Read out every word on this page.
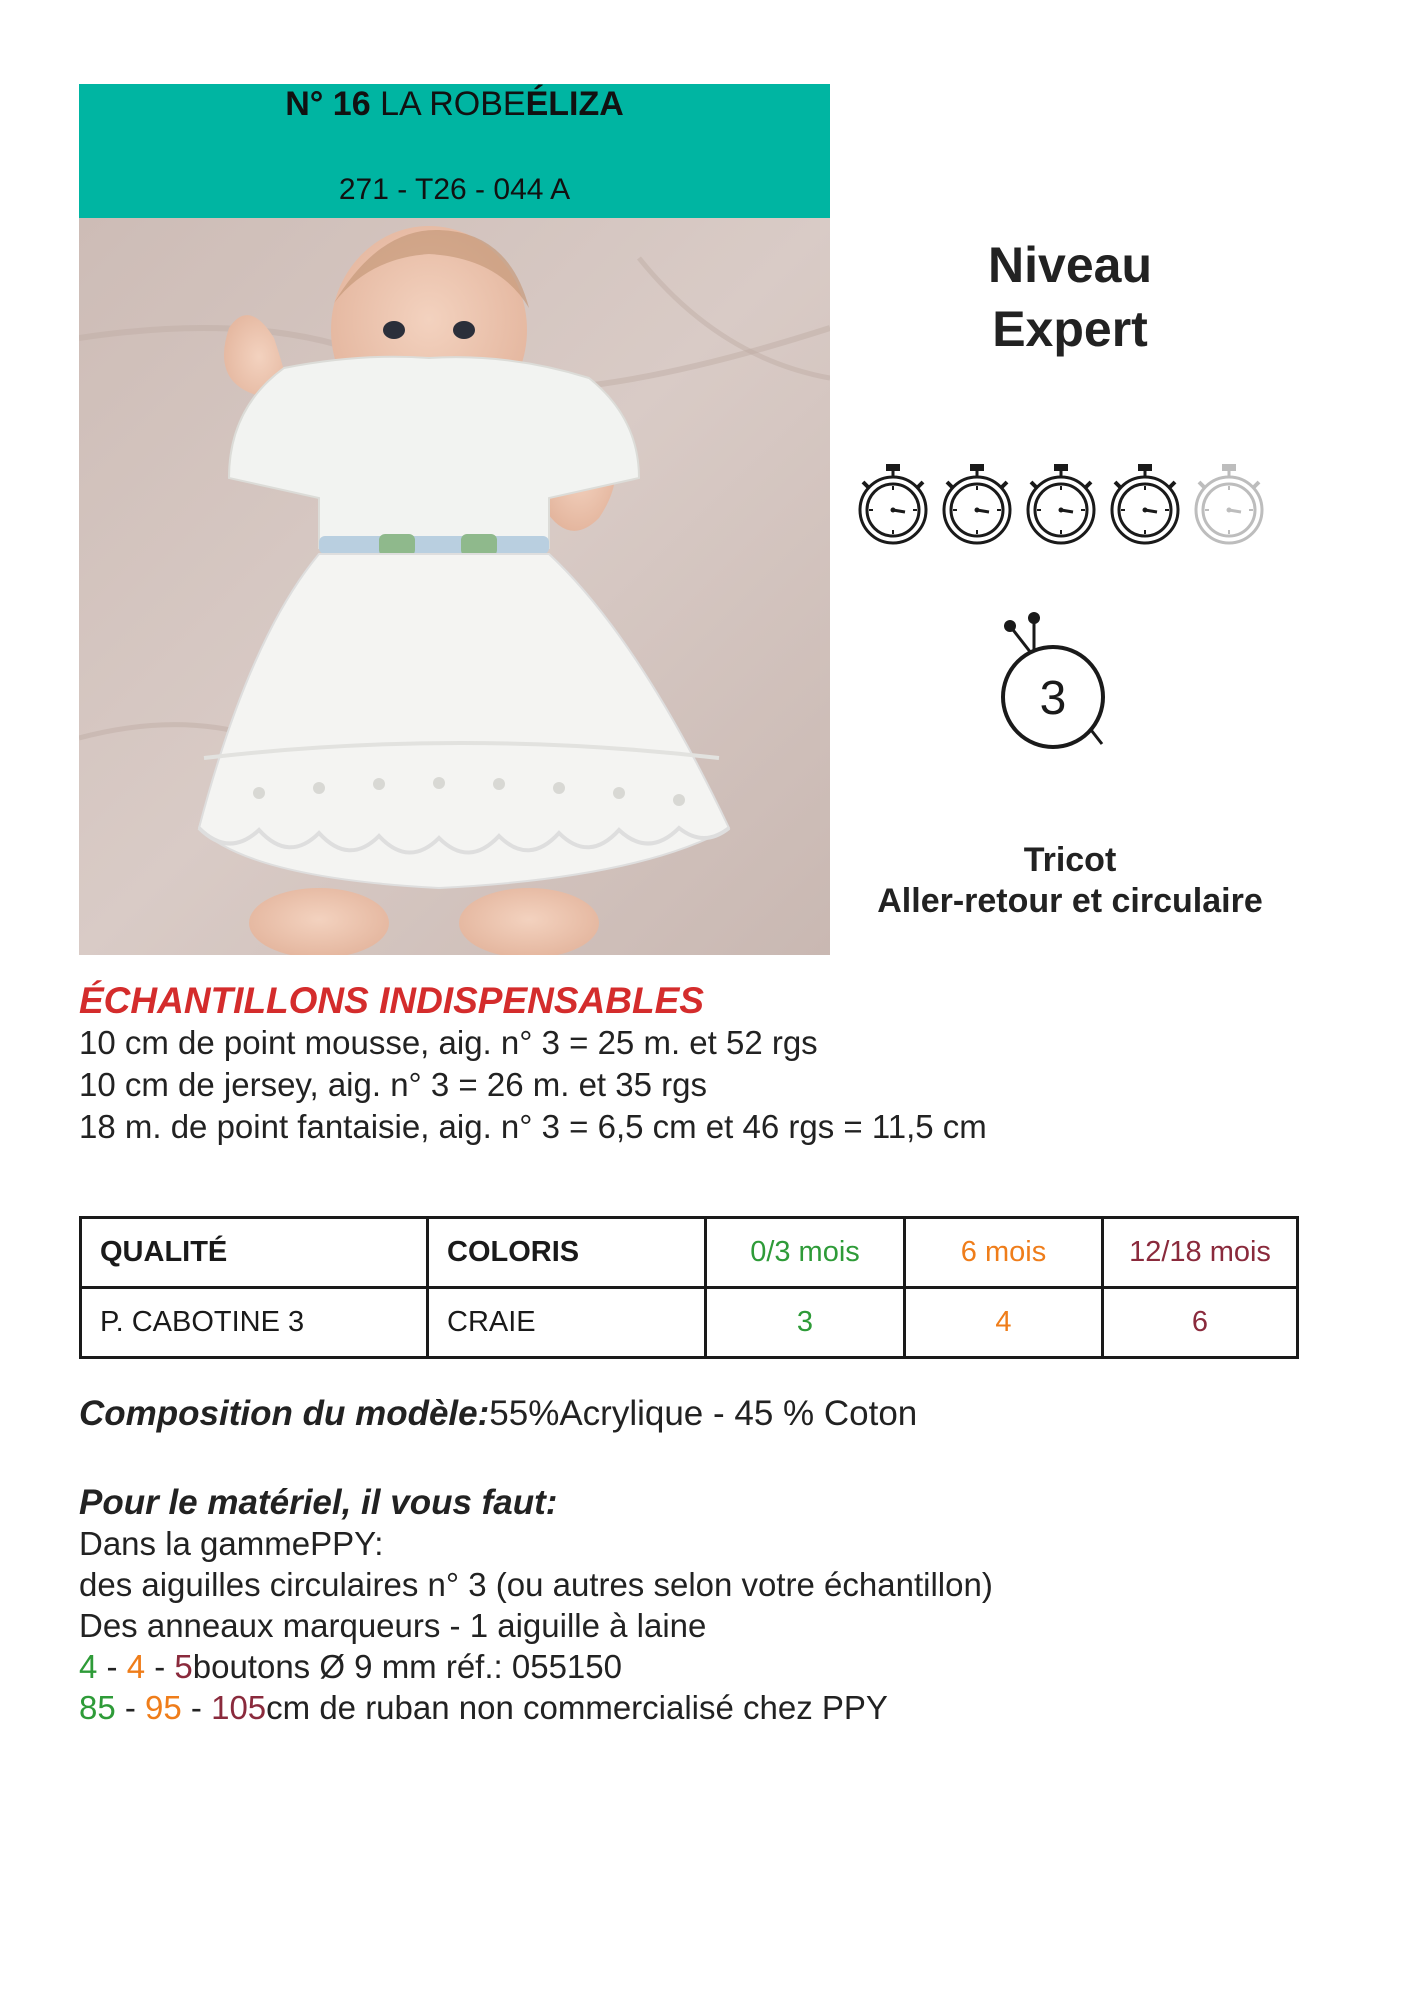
N° 16 LA ROBEÉLIZA
271 - T26 - 044 A
Niveau
Expert
3
Tricot
Aller-retour et circulaire
ÉCHANTILLONS INDISPENSABLES
10 cm de point mousse, aig. n° 3 = 25 m. et 52 rgs
10 cm de jersey, aig. n° 3 = 26 m. et 35 rgs
18 m. de point fantaisie, aig. n° 3 = 6,5 cm et 46 rgs = 11,5 cm
QUALITÉ	COLORIS	0/3 mois	6 mois	12/18 mois
P. CABOTINE 3	CRAIE	3	4	6
Composition du modèle:55%Acrylique - 45 % Coton
Pour le matériel, il vous faut:
Dans la gammePPY:
des aiguilles circulaires n° 3 (ou autres selon votre échantillon)
Des anneaux marqueurs - 1 aiguille à laine
4 - 4 - 5boutons Ø 9 mm réf.: 055150
85 - 95 - 105cm de ruban non commercialisé chez PPY
